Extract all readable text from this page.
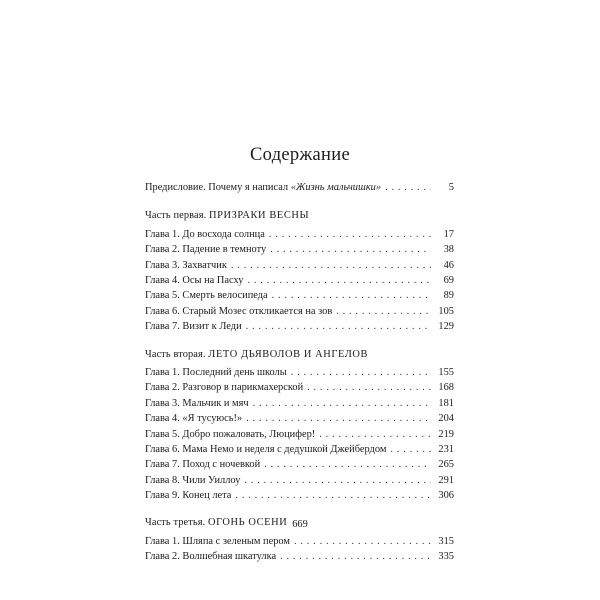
Содержание
Предисловие. Почему я написал «Жизнь мальчишки» . . .	5
Часть первая. ПРИЗРАКИ ВЕСНЫ
Глава 1. До восхода солнца . . .	17
Глава 2. Падение в темноту . . .	38
Глава 3. Захватчик . . .	46
Глава 4. Осы на Пасху . . .	69
Глава 5. Смерть велосипеда . . .	89
Глава 6. Старый Мозес откликается на зов . . .	105
Глава 7. Визит к Леди . . .	129
Часть вторая. ЛЕТО ДЬЯВОЛОВ И АНГЕЛОВ
Глава 1. Последний день школы . . .	155
Глава 2. Разговор в парикмахерской . . .	168
Глава 3. Мальчик и мяч . . .	181
Глава 4. «Я тусуюсь!» . . .	204
Глава 5. Добро пожаловать, Люцифер! . . .	219
Глава 6. Мама Немо и неделя с дедушкой Джейбердом . . .	231
Глава 7. Поход с ночевкой . . .	265
Глава 8. Чили Уиллоу . . .	291
Глава 9. Конец лета . . .	306
Часть третья. ОГОНЬ ОСЕНИ
Глава 1. Шляпа с зеленым пером . . .	315
Глава 2. Волшебная шкатулка . . .	335
669
